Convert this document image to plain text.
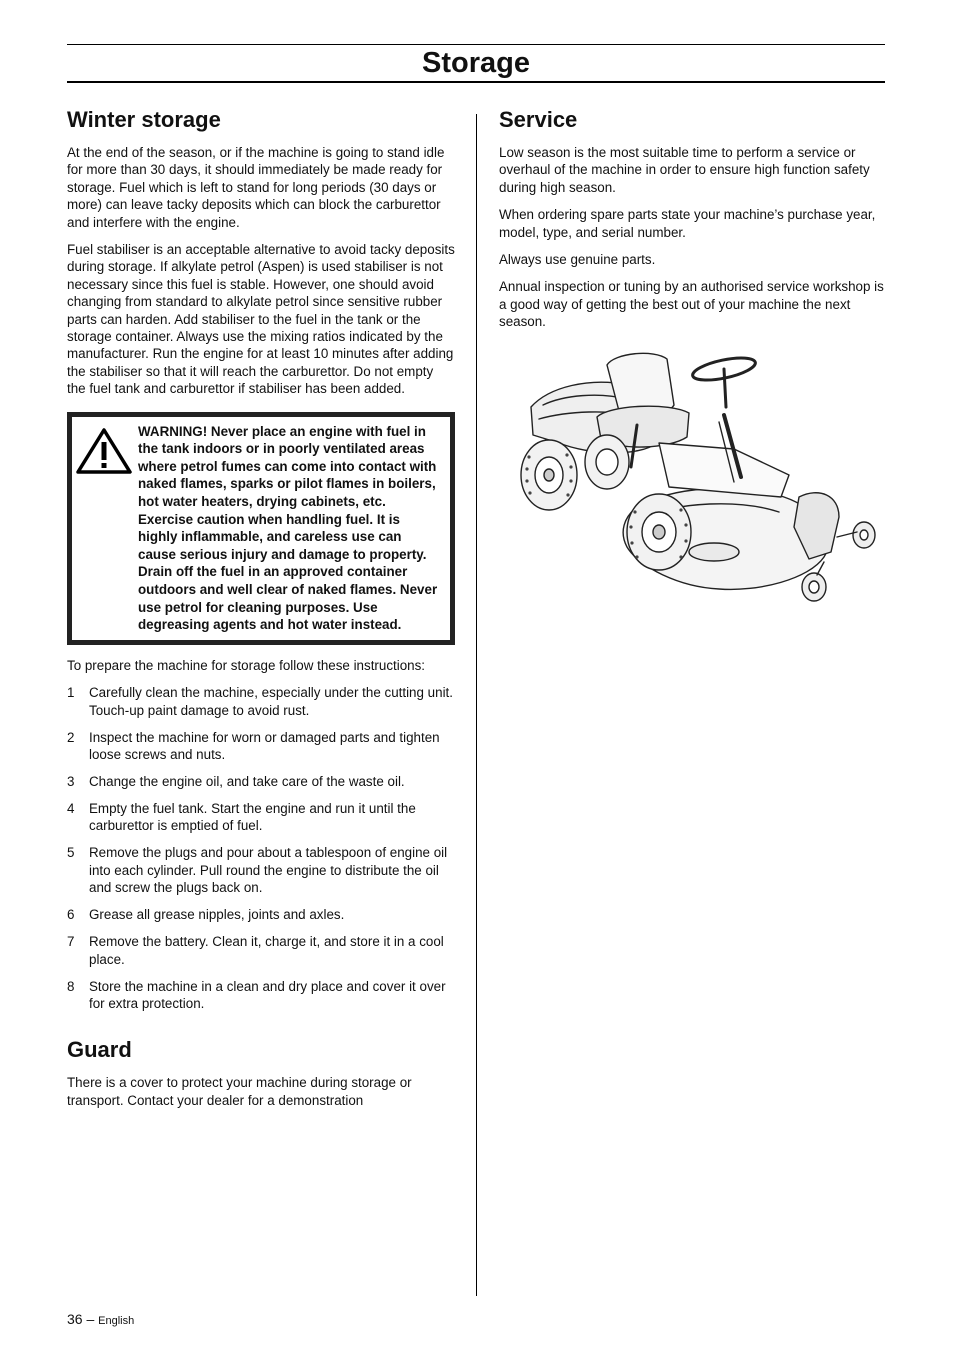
Storage
Winter storage

At the end of the season, or if the machine is going to stand idle for more than 30 days, it should immediately be made ready for storage. Fuel which is left to stand for long periods (30 days or more) can leave tacky deposits which can block the carburettor and interfere with the engine.

Fuel stabiliser is an acceptable alternative to avoid tacky deposits during storage. If alkylate petrol (Aspen) is used stabiliser is not necessary since this fuel is stable. However, one should avoid changing from standard to alkylate petrol since sensitive rubber parts can harden. Add stabiliser to the fuel in the tank or the storage container. Always use the mixing ratios indicated by the manufacturer. Run the engine for at least 10 minutes after adding the stabiliser so that it will reach the carburettor. Do not empty the fuel tank and carburettor if stabiliser has been added.

WARNING! Never place an engine with fuel in the tank indoors or in poorly ventilated areas where petrol fumes can come into contact with naked flames, sparks or pilot flames in boilers, hot water heaters, drying cabinets, etc. Exercise caution when handling fuel. It is highly inflammable, and careless use can cause serious injury and damage to property. Drain off the fuel in an approved container outdoors and well clear of naked flames. Never use petrol for cleaning purposes. Use degreasing agents and hot water instead.

To prepare the machine for storage follow these instructions:

1	Carefully clean the machine, especially under the cutting unit. Touch-up paint damage to avoid rust.
2	Inspect the machine for worn or damaged parts and tighten loose screws and nuts.
3	Change the engine oil, and take care of the waste oil.
4	Empty the fuel tank. Start the engine and run it until the carburettor is emptied of fuel.
5	Remove the plugs and pour about a tablespoon of engine oil into each cylinder. Pull round the engine to distribute the oil and screw the plugs back on.
6	Grease all grease nipples, joints and axles.
7	Remove the battery. Clean it, charge it, and store it in a cool place.
8	Store the machine in a clean and dry place and cover it over for extra protection.
Guard

There is a cover to protect your machine during storage or transport. Contact your dealer for a demonstration

Service

Low season is the most suitable time to perform a service or overhaul of the machine in order to ensure high function safety during high season.

When ordering spare parts state your machine’s purchase year, model, type, and serial number.

Always use genuine parts.

Annual inspection or tuning by an authorised service workshop is a good way of getting the best out of your machine the next season.

36 – English
